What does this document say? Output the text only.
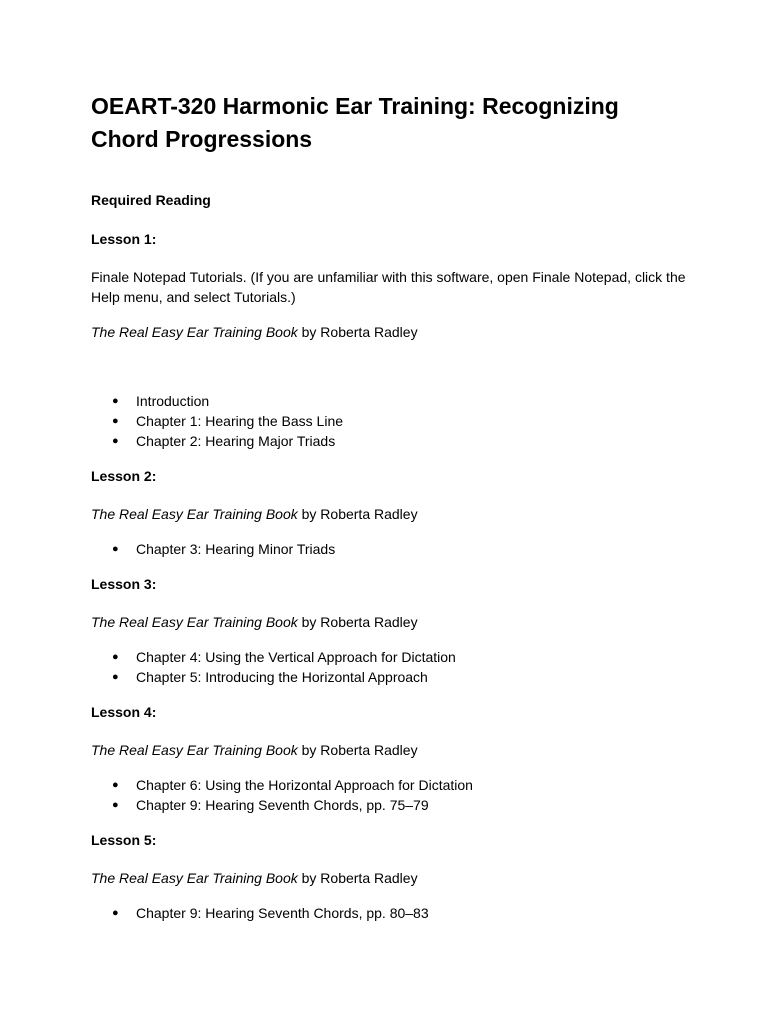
OEART-320 Harmonic Ear Training: Recognizing Chord Progressions

Required Reading

Lesson 1:

Finale Notepad Tutorials. (If you are unfamiliar with this software, open Finale Notepad, click the Help menu, and select Tutorials.)

The Real Easy Ear Training Book by Roberta Radley

● Introduction
● Chapter 1: Hearing the Bass Line
● Chapter 2: Hearing Major Triads

Lesson 2:

The Real Easy Ear Training Book by Roberta Radley

● Chapter 3: Hearing Minor Triads

Lesson 3:

The Real Easy Ear Training Book by Roberta Radley

● Chapter 4: Using the Vertical Approach for Dictation
● Chapter 5: Introducing the Horizontal Approach

Lesson 4:

The Real Easy Ear Training Book by Roberta Radley

● Chapter 6: Using the Horizontal Approach for Dictation
● Chapter 9: Hearing Seventh Chords, pp. 75–79

Lesson 5:

The Real Easy Ear Training Book by Roberta Radley

● Chapter 9: Hearing Seventh Chords, pp. 80–83
